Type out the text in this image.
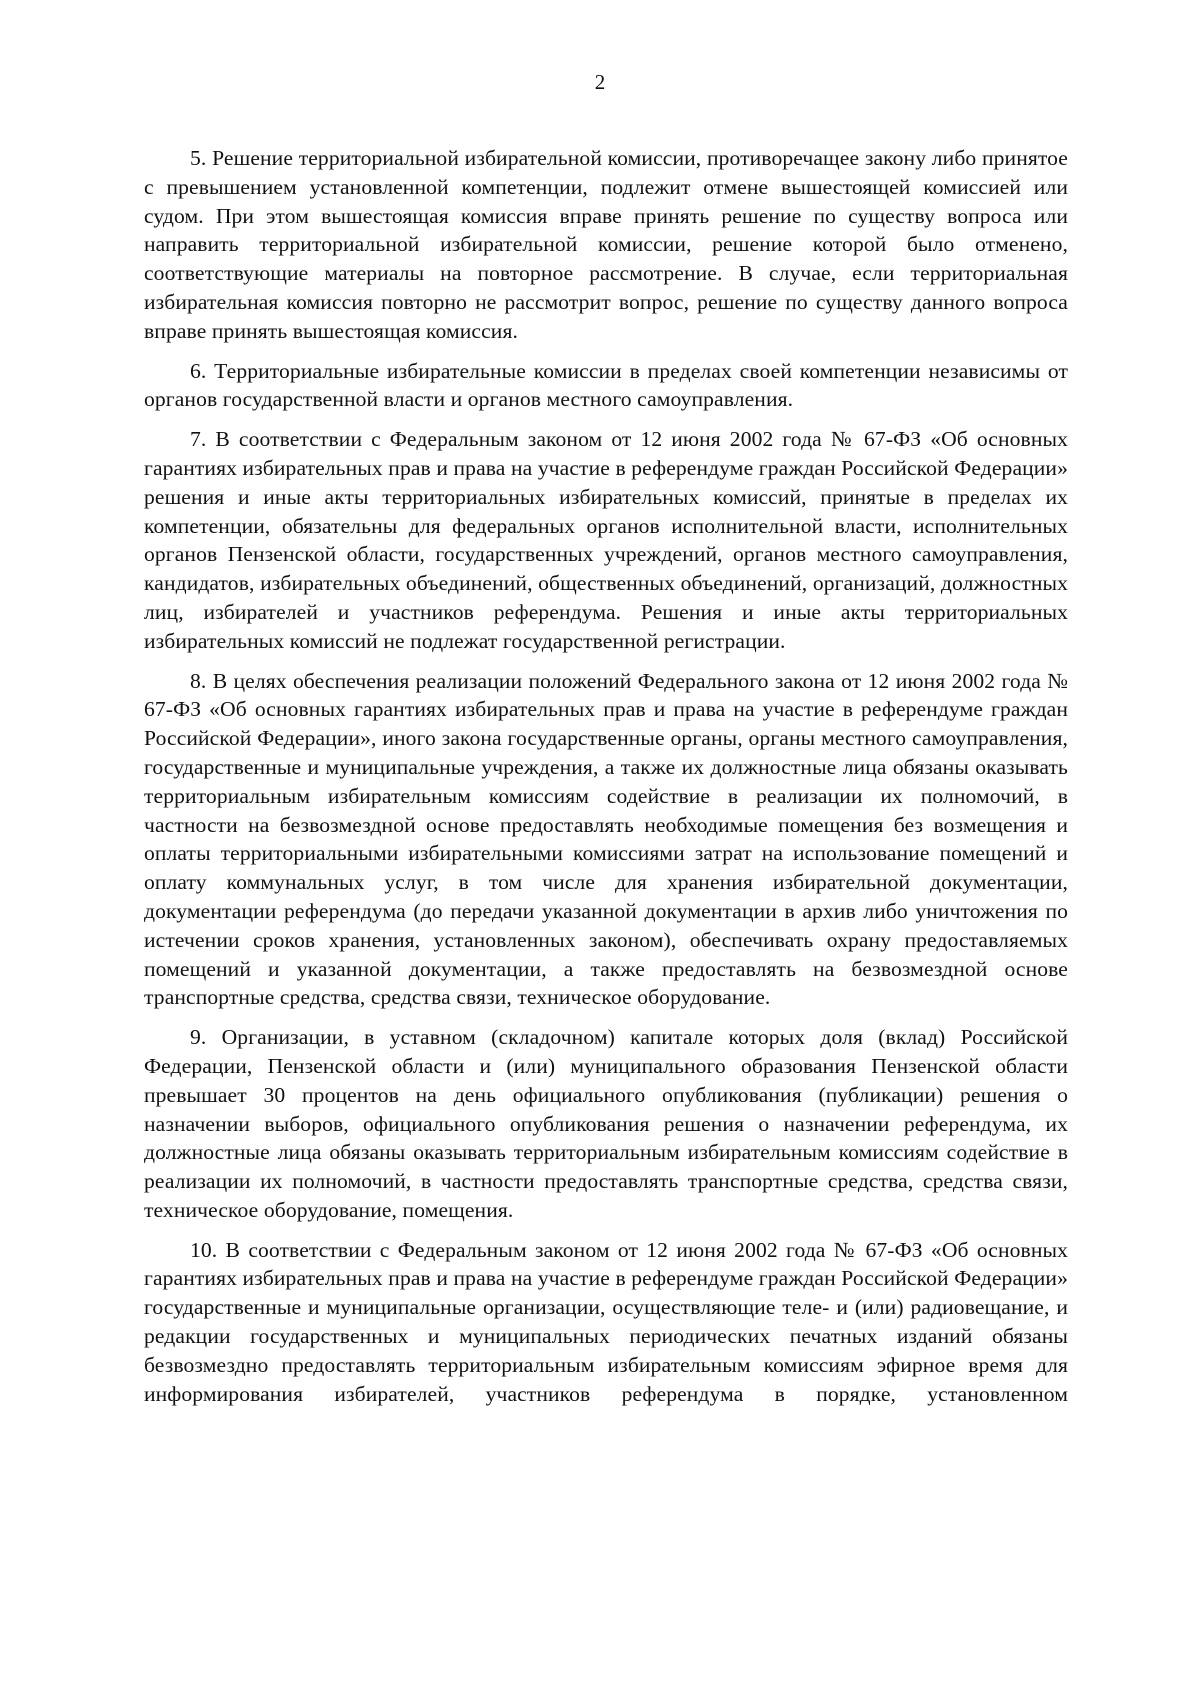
2

5. Решение территориальной избирательной комиссии, противоречащее закону либо принятое с превышением установленной компетенции, подлежит отмене вышестоящей комиссией или судом. При этом вышестоящая комиссия вправе принять решение по существу вопроса или направить территориальной избирательной комиссии, решение которой было отменено, соответствующие материалы на повторное рассмотрение. В случае, если территориальная избирательная комиссия повторно не рассмотрит вопрос, решение по существу данного вопроса вправе принять вышестоящая комиссия.

6. Территориальные избирательные комиссии в пределах своей компетенции независимы от органов государственной власти и органов местного самоуправления.

7. В соответствии с Федеральным законом от 12 июня 2002 года № 67-ФЗ «Об основных гарантиях избирательных прав и права на участие в референдуме граждан Российской Федерации» решения и иные акты территориальных избирательных комиссий, принятые в пределах их компетенции, обязательны для федеральных органов исполнительной власти, исполнительных органов Пензенской области, государственных учреждений, органов местного самоуправления, кандидатов, избирательных объединений, общественных объединений, организаций, должностных лиц, избирателей и участников референдума. Решения и иные акты территориальных избирательных комиссий не подлежат государственной регистрации.

8. В целях обеспечения реализации положений Федерального закона от 12 июня 2002 года № 67-ФЗ «Об основных гарантиях избирательных прав и права на участие в референдуме граждан Российской Федерации», иного закона государственные органы, органы местного самоуправления, государственные и муниципальные учреждения, а также их должностные лица обязаны оказывать территориальным избирательным комиссиям содействие в реализации их полномочий, в частности на безвозмездной основе предоставлять необходимые помещения без возмещения и оплаты территориальными избирательными комиссиями затрат на использование помещений и оплату коммунальных услуг, в том числе для хранения избирательной документации, документации референдума (до передачи указанной документации в архив либо уничтожения по истечении сроков хранения, установленных законом), обеспечивать охрану предоставляемых помещений и указанной документации, а также предоставлять на безвозмездной основе транспортные средства, средства связи, техническое оборудование.

9. Организации, в уставном (складочном) капитале которых доля (вклад) Российской Федерации, Пензенской области и (или) муниципального образования Пензенской области превышает 30 процентов на день официального опубликования (публикации) решения о назначении выборов, официального опубликования решения о назначении референдума, их должностные лица обязаны оказывать территориальным избирательным комиссиям содействие в реализации их полномочий, в частности предоставлять транспортные средства, средства связи, техническое оборудование, помещения.

10. В соответствии с Федеральным законом от 12 июня 2002 года № 67-ФЗ «Об основных гарантиях избирательных прав и права на участие в референдуме граждан Российской Федерации» государственные и муниципальные организации, осуществляющие теле- и (или) радиовещание, и редакции государственных и муниципальных периодических печатных изданий обязаны безвозмездно предоставлять территориальным избирательным комиссиям эфирное время для информирования избирателей, участников референдума в порядке, установленном
